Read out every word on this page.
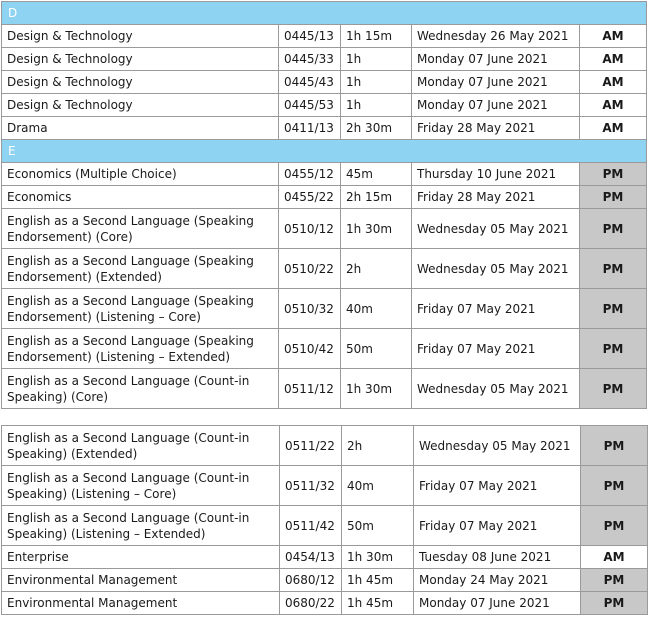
D				
Design & Technology	0445/13	1h 15m	Wednesday 26 May 2021	AM
Design & Technology	0445/33	1h	Monday 07 June 2021	AM
Design & Technology	0445/43	1h	Monday 07 June 2021	AM
Design & Technology	0445/53	1h	Monday 07 June 2021	AM
Drama	0411/13	2h 30m	Friday 28 May 2021	AM
E				
Economics (Multiple Choice)	0455/12	45m	Thursday 10 June 2021	PM
Economics	0455/22	2h 15m	Friday 28 May 2021	PM
English as a Second Language (Speaking Endorsement) (Core)	0510/12	1h 30m	Wednesday 05 May 2021	PM
English as a Second Language (Speaking Endorsement) (Extended)	0510/22	2h	Wednesday 05 May 2021	PM
English as a Second Language (Speaking Endorsement) (Listening – Core)	0510/32	40m	Friday 07 May 2021	PM
English as a Second Language (Speaking Endorsement) (Listening – Extended)	0510/42	50m	Friday 07 May 2021	PM
English as a Second Language (Count-in Speaking) (Core)	0511/12	1h 30m	Wednesday 05 May 2021	PM
English as a Second Language (Count-in Speaking) (Extended)	0511/22	2h	Wednesday 05 May 2021	PM
English as a Second Language (Count-in Speaking) (Listening – Core)	0511/32	40m	Friday 07 May 2021	PM
English as a Second Language (Count-in Speaking) (Listening – Extended)	0511/42	50m	Friday 07 May 2021	PM
Enterprise	0454/13	1h 30m	Tuesday 08 June 2021	AM
Environmental Management	0680/12	1h 45m	Monday 24 May 2021	PM
Environmental Management	0680/22	1h 45m	Monday 07 June 2021	PM
